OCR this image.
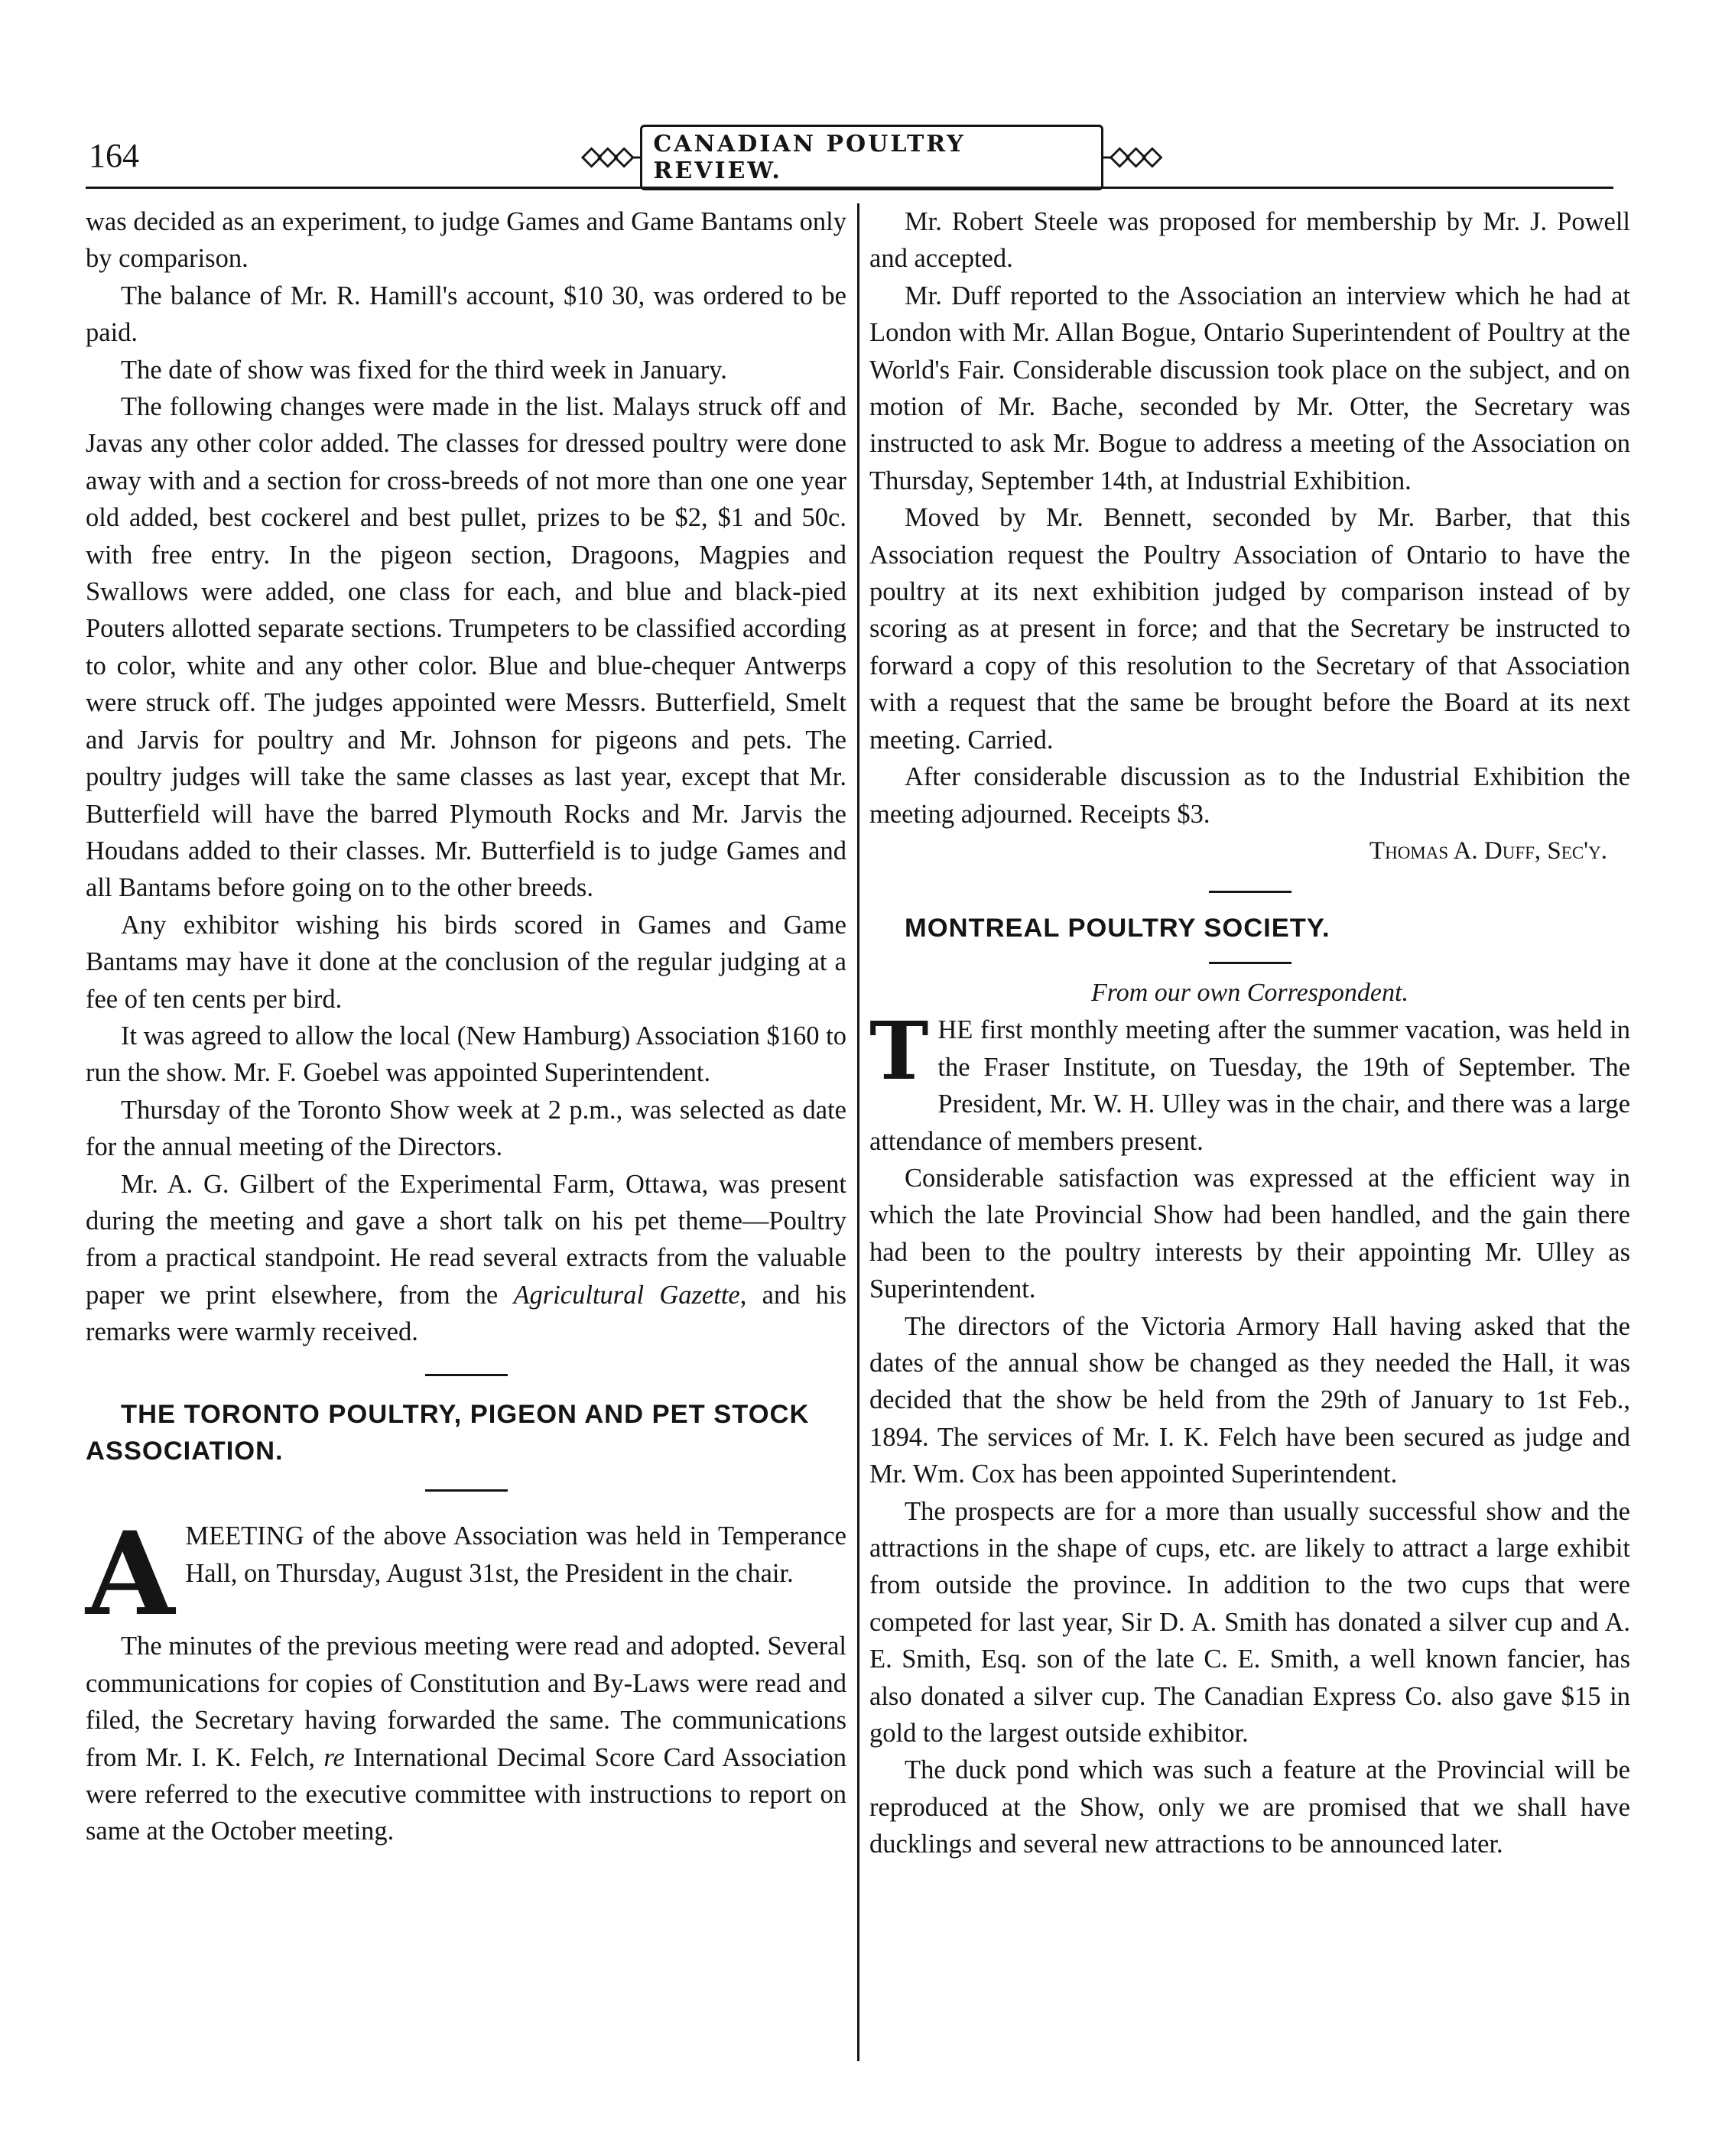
164	CANADIAN POULTRY REVIEW.

was decided as an experiment, to judge Games and Game Bantams only by comparison.

The balance of Mr. R. Hamill's account, $10 30, was ordered to be paid.

The date of show was fixed for the third week in January.

The following changes were made in the list. Malays struck off and Javas any other color added. The classes for dressed poultry were done away with and a section for cross-breeds of not more than one one year old added, best cockerel and best pullet, prizes to be $2, $1 and 50c. with free entry. In the pigeon section, Dragoons, Magpies and Swallows were added, one class for each, and blue and black-pied Pouters allotted separate sections. Trumpeters to be classified according to color, white and any other color. Blue and blue-chequer Antwerps were struck off. The judges appointed were Messrs. Butterfield, Smelt and Jarvis for poultry and Mr. Johnson for pigeons and pets. The poultry judges will take the same classes as last year, except that Mr. Butterfield will have the barred Plymouth Rocks and Mr. Jarvis the Houdans added to their classes. Mr. Butterfield is to judge Games and all Bantams before going on to the other breeds.

Any exhibitor wishing his birds scored in Games and Game Bantams may have it done at the conclusion of the regular judging at a fee of ten cents per bird.

It was agreed to allow the local (New Hamburg) Association $160 to run the show. Mr. F. Goebel was appointed Superintendent.

Thursday of the Toronto Show week at 2 p.m., was selected as date for the annual meeting of the Directors.

Mr. A. G. Gilbert of the Experimental Farm, Ottawa, was present during the meeting and gave a short talk on his pet theme—Poultry from a practical standpoint. He read several extracts from the valuable paper we print elsewhere, from the Agricultural Gazette, and his remarks were warmly received.

THE TORONTO POULTRY, PIGEON AND PET STOCK
ASSOCIATION.

AMEETING of the above Association was held in Temperance Hall, on Thursday, August 31st, the President in the chair.

The minutes of the previous meeting were read and adopted. Several communications for copies of Constitution and By-Laws were read and filed, the Secretary having forwarded the same. The communications from Mr. I. K. Felch, re International Decimal Score Card Association were referred to the executive committee with instructions to report on same at the October meeting.

Mr. Robert Steele was proposed for membership by Mr. J. Powell and accepted.

Mr. Duff reported to the Association an interview which he had at London with Mr. Allan Bogue, Ontario Superintendent of Poultry at the World's Fair. Considerable discussion took place on the subject, and on motion of Mr. Bache, seconded by Mr. Otter, the Secretary was instructed to ask Mr. Bogue to address a meeting of the Association on Thursday, September 14th, at Industrial Exhibition.

Moved by Mr. Bennett, seconded by Mr. Barber, that this Association request the Poultry Association of Ontario to have the poultry at its next exhibition judged by comparison instead of by scoring as at present in force; and that the Secretary be instructed to forward a copy of this resolution to the Secretary of that Association with a request that the same be brought before the Board at its next meeting. Carried.

After considerable discussion as to the Industrial Exhibition the meeting adjourned. Receipts $3.

Thomas A. Duff, Sec'y.

MONTREAL POULTRY SOCIETY.

From our own Correspondent.

THE first monthly meeting after the summer vacation, was held in the Fraser Institute, on Tuesday, the 19th of September. The President, Mr. W. H. Ulley was in the chair, and there was a large attendance of members present.

Considerable satisfaction was expressed at the efficient way in which the late Provincial Show had been handled, and the gain there had been to the poultry interests by their appointing Mr. Ulley as Superintendent.

The directors of the Victoria Armory Hall having asked that the dates of the annual show be changed as they needed the Hall, it was decided that the show be held from the 29th of January to 1st Feb., 1894. The services of Mr. I. K. Felch have been secured as judge and Mr. Wm. Cox has been appointed Superintendent.

The prospects are for a more than usually successful show and the attractions in the shape of cups, etc. are likely to attract a large exhibit from outside the province. In addition to the two cups that were competed for last year, Sir D. A. Smith has donated a silver cup and A. E. Smith, Esq. son of the late C. E. Smith, a well known fancier, has also donated a silver cup. The Canadian Express Co. also gave $15 in gold to the largest outside exhibitor.

The duck pond which was such a feature at the Provincial will be reproduced at the Show, only we are promised that we shall have ducklings and several new attractions to be announced later.
